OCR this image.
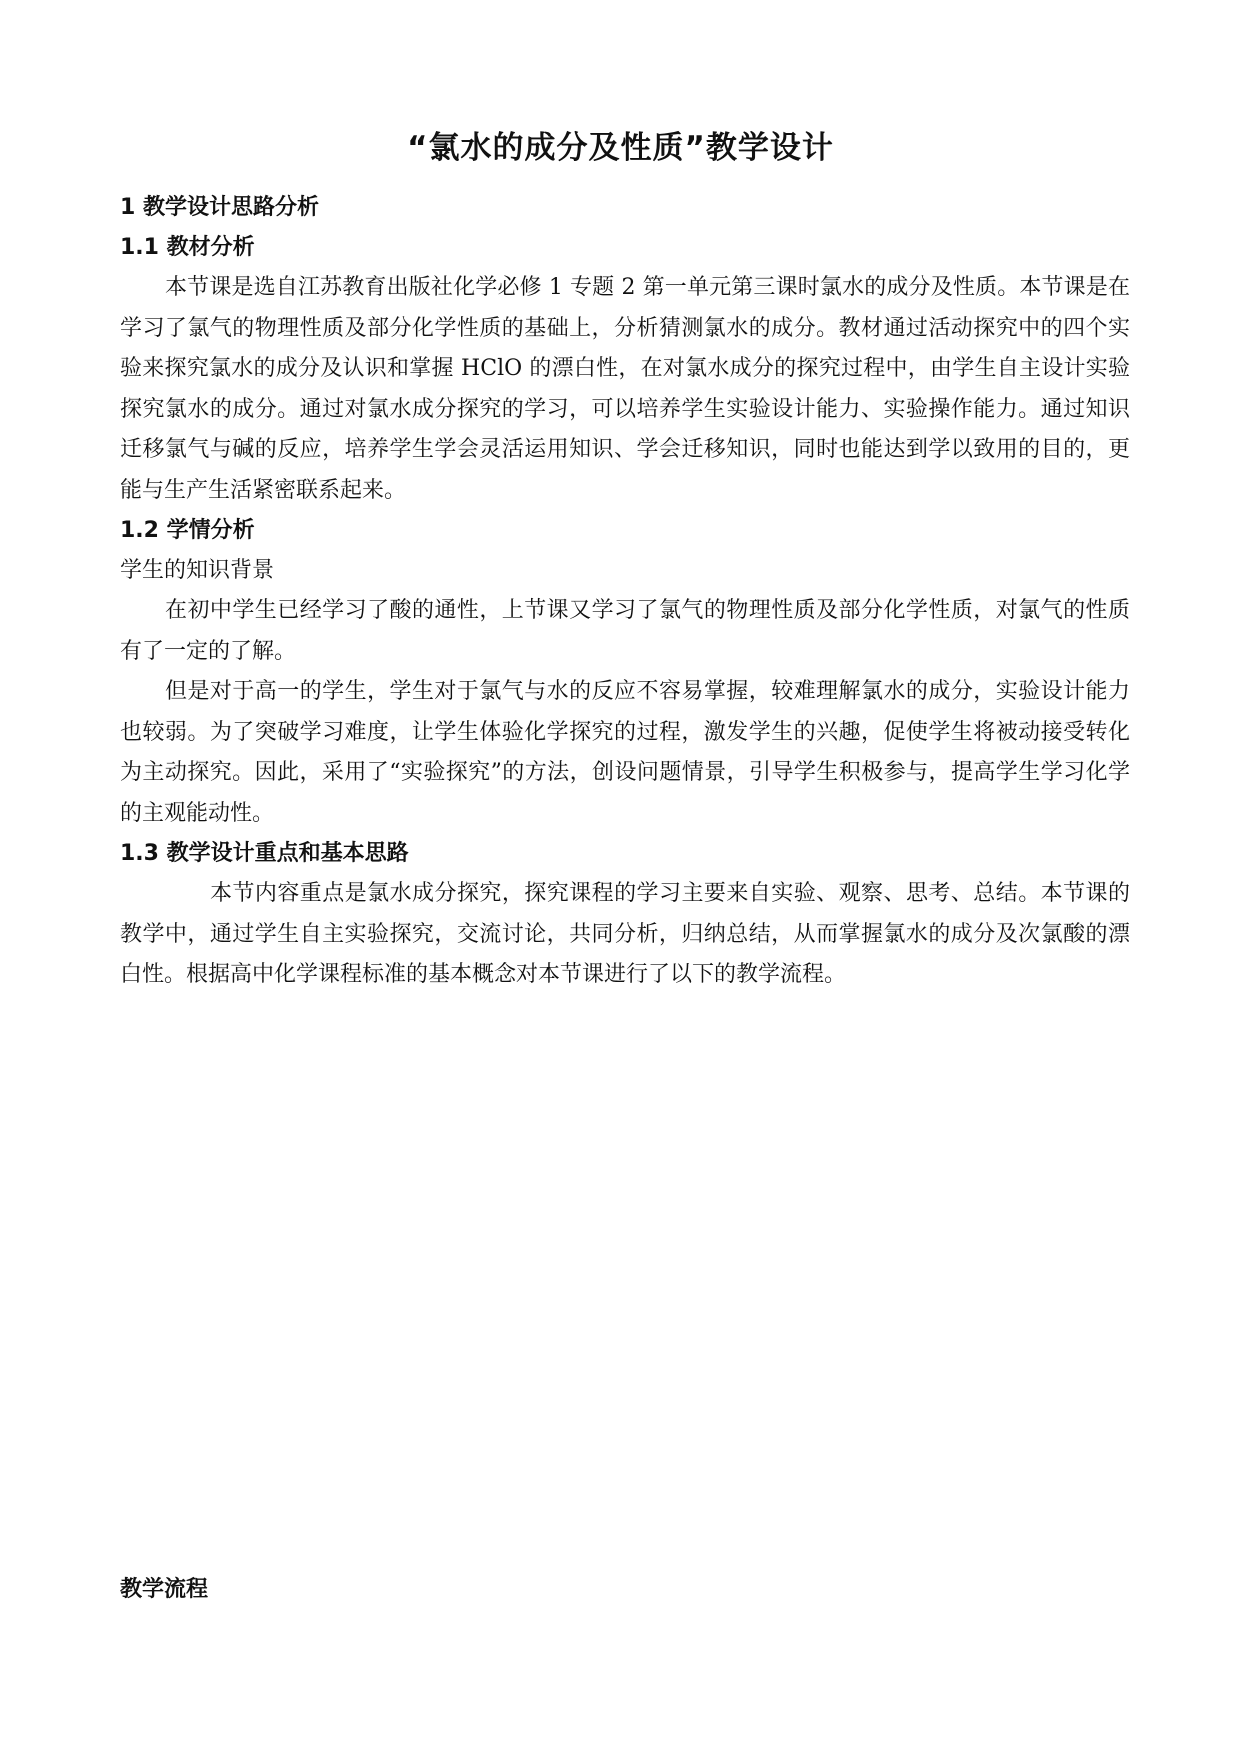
“氯水的成分及性质”教学设计

1 教学设计思路分析

1.1 教材分析

本节课是选自江苏教育出版社化学必修 1 专题 2 第一单元第三课时氯水的成分及性质。本节课是在学习了氯气的物理性质及部分化学性质的基础上，分析猜测氯水的成分。教材通过活动探究中的四个实验来探究氯水的成分及认识和掌握 HClO 的漂白性，在对氯水成分的探究过程中，由学生自主设计实验探究氯水的成分。通过对氯水成分探究的学习，可以培养学生实验设计能力、实验操作能力。通过知识迁移氯气与碱的反应，培养学生学会灵活运用知识、学会迁移知识，同时也能达到学以致用的目的，更能与生产生活紧密联系起来。

1.2 学情分析

学生的知识背景

在初中学生已经学习了酸的通性，上节课又学习了氯气的物理性质及部分化学性质，对氯气的性质有了一定的了解。

但是对于高一的学生，学生对于氯气与水的反应不容易掌握，较难理解氯水的成分，实验设计能力也较弱。为了突破学习难度，让学生体验化学探究的过程，激发学生的兴趣，促使学生将被动接受转化为主动探究。因此，采用了“实验探究”的方法，创设问题情景，引导学生积极参与，提高学生学习化学的主观能动性。

1.3 教学设计重点和基本思路

本节内容重点是氯水成分探究，探究课程的学习主要来自实验、观察、思考、总结。本节课的教学中，通过学生自主实验探究，交流讨论，共同分析，归纳总结，从而掌握氯水的成分及次氯酸的漂白性。根据高中化学课程标准的基本概念对本节课进行了以下的教学流程。

教学流程
